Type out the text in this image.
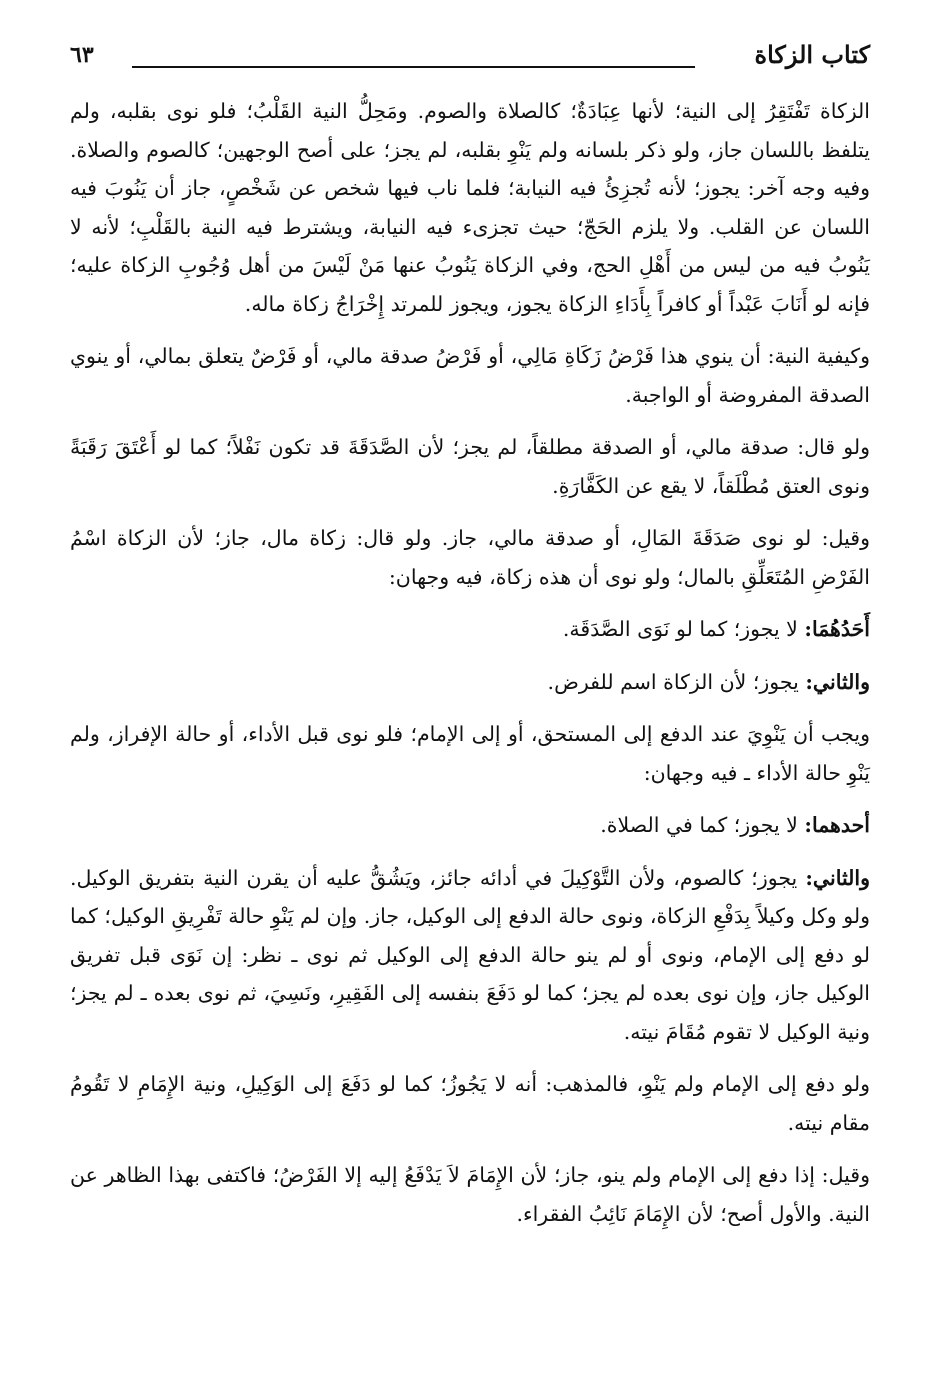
كتاب الزكاة
٦٣

الزكاة تَفْتَقِرُ إلى النية؛ لأنها عِبَادَةٌ؛ كالصلاة والصوم. ومَحِلُّ النية القَلْبُ؛ فلو نوى بقلبه، ولم يتلفظ باللسان جاز، ولو ذكر بلسانه ولم يَنْوِ بقلبه، لم يجز؛ على أصح الوجهين؛ كالصوم والصلاة. وفيه وجه آخر: يجوز؛ لأنه تُجزِئُ فيه النيابة؛ فلما ناب فيها شخص عن شَخْصٍ، جاز أن يَنُوبَ فيه اللسان عن القلب. ولا يلزم الحَجّ؛ حيث تجزىء فيه النيابة، ويشترط فيه النية بالقَلْبِ؛ لأنه لا يَنُوبُ فيه من ليس من أَهْلِ الحج، وفي الزكاة يَنُوبُ عنها مَنْ لَيْسَ من أهل وُجُوبِ الزكاة عليه؛ فإنه لو أَنَابَ عَبْداً أو كافراً بِأَدَاءِ الزكاة يجوز، ويجوز للمرتد إِخْرَاجُ زكاة ماله.

وكيفية النية: أن ينوي هذا فَرْضُ زَكَاةِ مَالِي، أو فَرْضُ صدقة مالي، أو فَرْضٌ يتعلق بمالي، أو ينوي الصدقة المفروضة أو الواجبة.

ولو قال: صدقة مالي، أو الصدقة مطلقاً، لم يجز؛ لأن الصَّدَقَةَ قد تكون نَفْلاً؛ كما لو أَعْتَقَ رَقَبَةً ونوى العتق مُطْلَقاً، لا يقع عن الكَفَّارَةِ.

وقيل: لو نوى صَدَقَةَ المَالِ، أو صدقة مالي، جاز. ولو قال: زكاة مال، جاز؛ لأن الزكاة اسْمُ الفَرْضِ المُتَعَلِّقِ بالمال؛ ولو نوى أن هذه زكاة، فيه وجهان:

أَحَدُهُمَا: لا يجوز؛ كما لو نَوَى الصَّدَقَة.

والثاني: يجوز؛ لأن الزكاة اسم للفرض.

ويجب أن يَنْوِيَ عند الدفع إلى المستحق، أو إلى الإمام؛ فلو نوى قبل الأداء، أو حالة الإفراز، ولم يَنْوِ حالة الأداء ـ فيه وجهان:

أحدهما: لا يجوز؛ كما في الصلاة.

والثاني: يجوز؛ كالصوم، ولأن التَّوْكِيلَ في أدائه جائز، ويَشُقُّ عليه أن يقرن النية بتفريق الوكيل. ولو وكل وكيلاً بِدَفْعِ الزكاة، ونوى حالة الدفع إلى الوكيل، جاز. وإن لم يَنْوِ حالة تَفْرِيقِ الوكيل؛ كما لو دفع إلى الإمام، ونوى أو لم ينو حالة الدفع إلى الوكيل ثم نوى ـ نظر: إن نَوَى قبل تفريق الوكيل جاز، وإن نوى بعده لم يجز؛ كما لو دَفَعَ بنفسه إلى الفَقِيرِ، ونَسِيَ، ثم نوى بعده ـ لم يجز؛ ونية الوكيل لا تقوم مُقَامَ نيته.

ولو دفع إلى الإمام ولم يَنْوِ، فالمذهب: أنه لا يَجُوزُ؛ كما لو دَفَعَ إلى الوَكِيلِ، ونية الإِمَامِ لا تَقُومُ مقام نيته.

وقيل: إذا دفع إلى الإمام ولم ينو، جاز؛ لأن الإِمَامَ لاَ يَدْفَعُ إليه إلا الفَرْضُ؛ فاكتفى بهذا الظاهر عن النية. والأول أصح؛ لأن الإِمَامَ نَائِبُ الفقراء.
